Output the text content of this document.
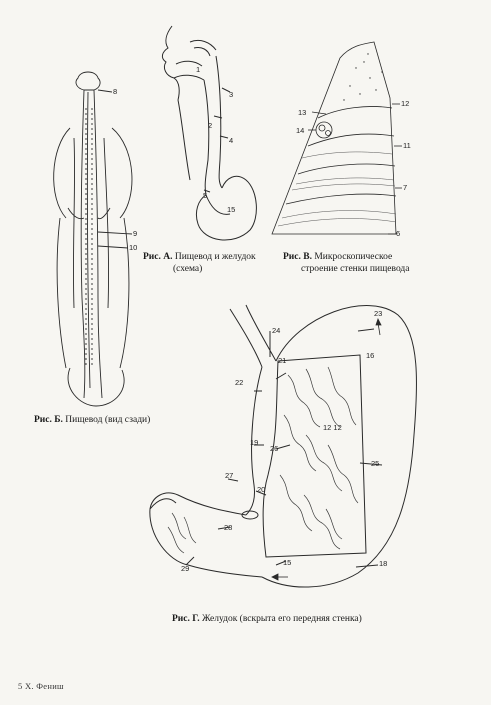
1
2
3
4
5
15
Рис. А. Пищевод и желудок
(схема)
8
9
10
Рис. Б. Пищевод (вид сзади)
13
14
12
11
7
6
Рис. В. Микроскопическое
строение стенки пищевода
23
24
21
16
22
19
26
12 12
25
27
20
28
29
15	18
Рис. Г. Желудок (вскрыта его передняя стенка)
5 Х. Фениш
